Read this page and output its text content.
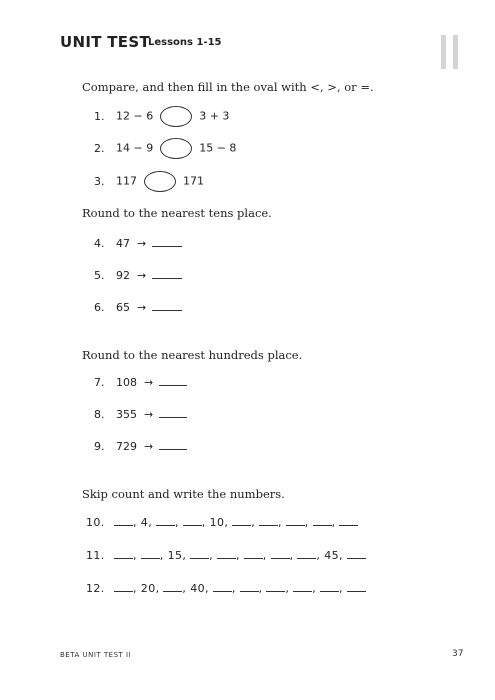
UNIT TEST
Lessons 1-15
Compare, and then fill in the oval with <, >, or =.
1. 12 − 6	3 + 3
2. 14 − 9	15 − 8
3. 117	171
Round to the nearest tens place.
4. 47 →
5. 92 →
6. 65 →
Round to the nearest hundreds place.
7. 108 →
8. 355 →
9. 729 →
Skip count and write the numbers.
10.	, 4, , , 10, , , , ,
11.	, , 15, , , , , , 45,
12.	, 20, , 40, , , , , ,
BETA UNIT TEST II	37
